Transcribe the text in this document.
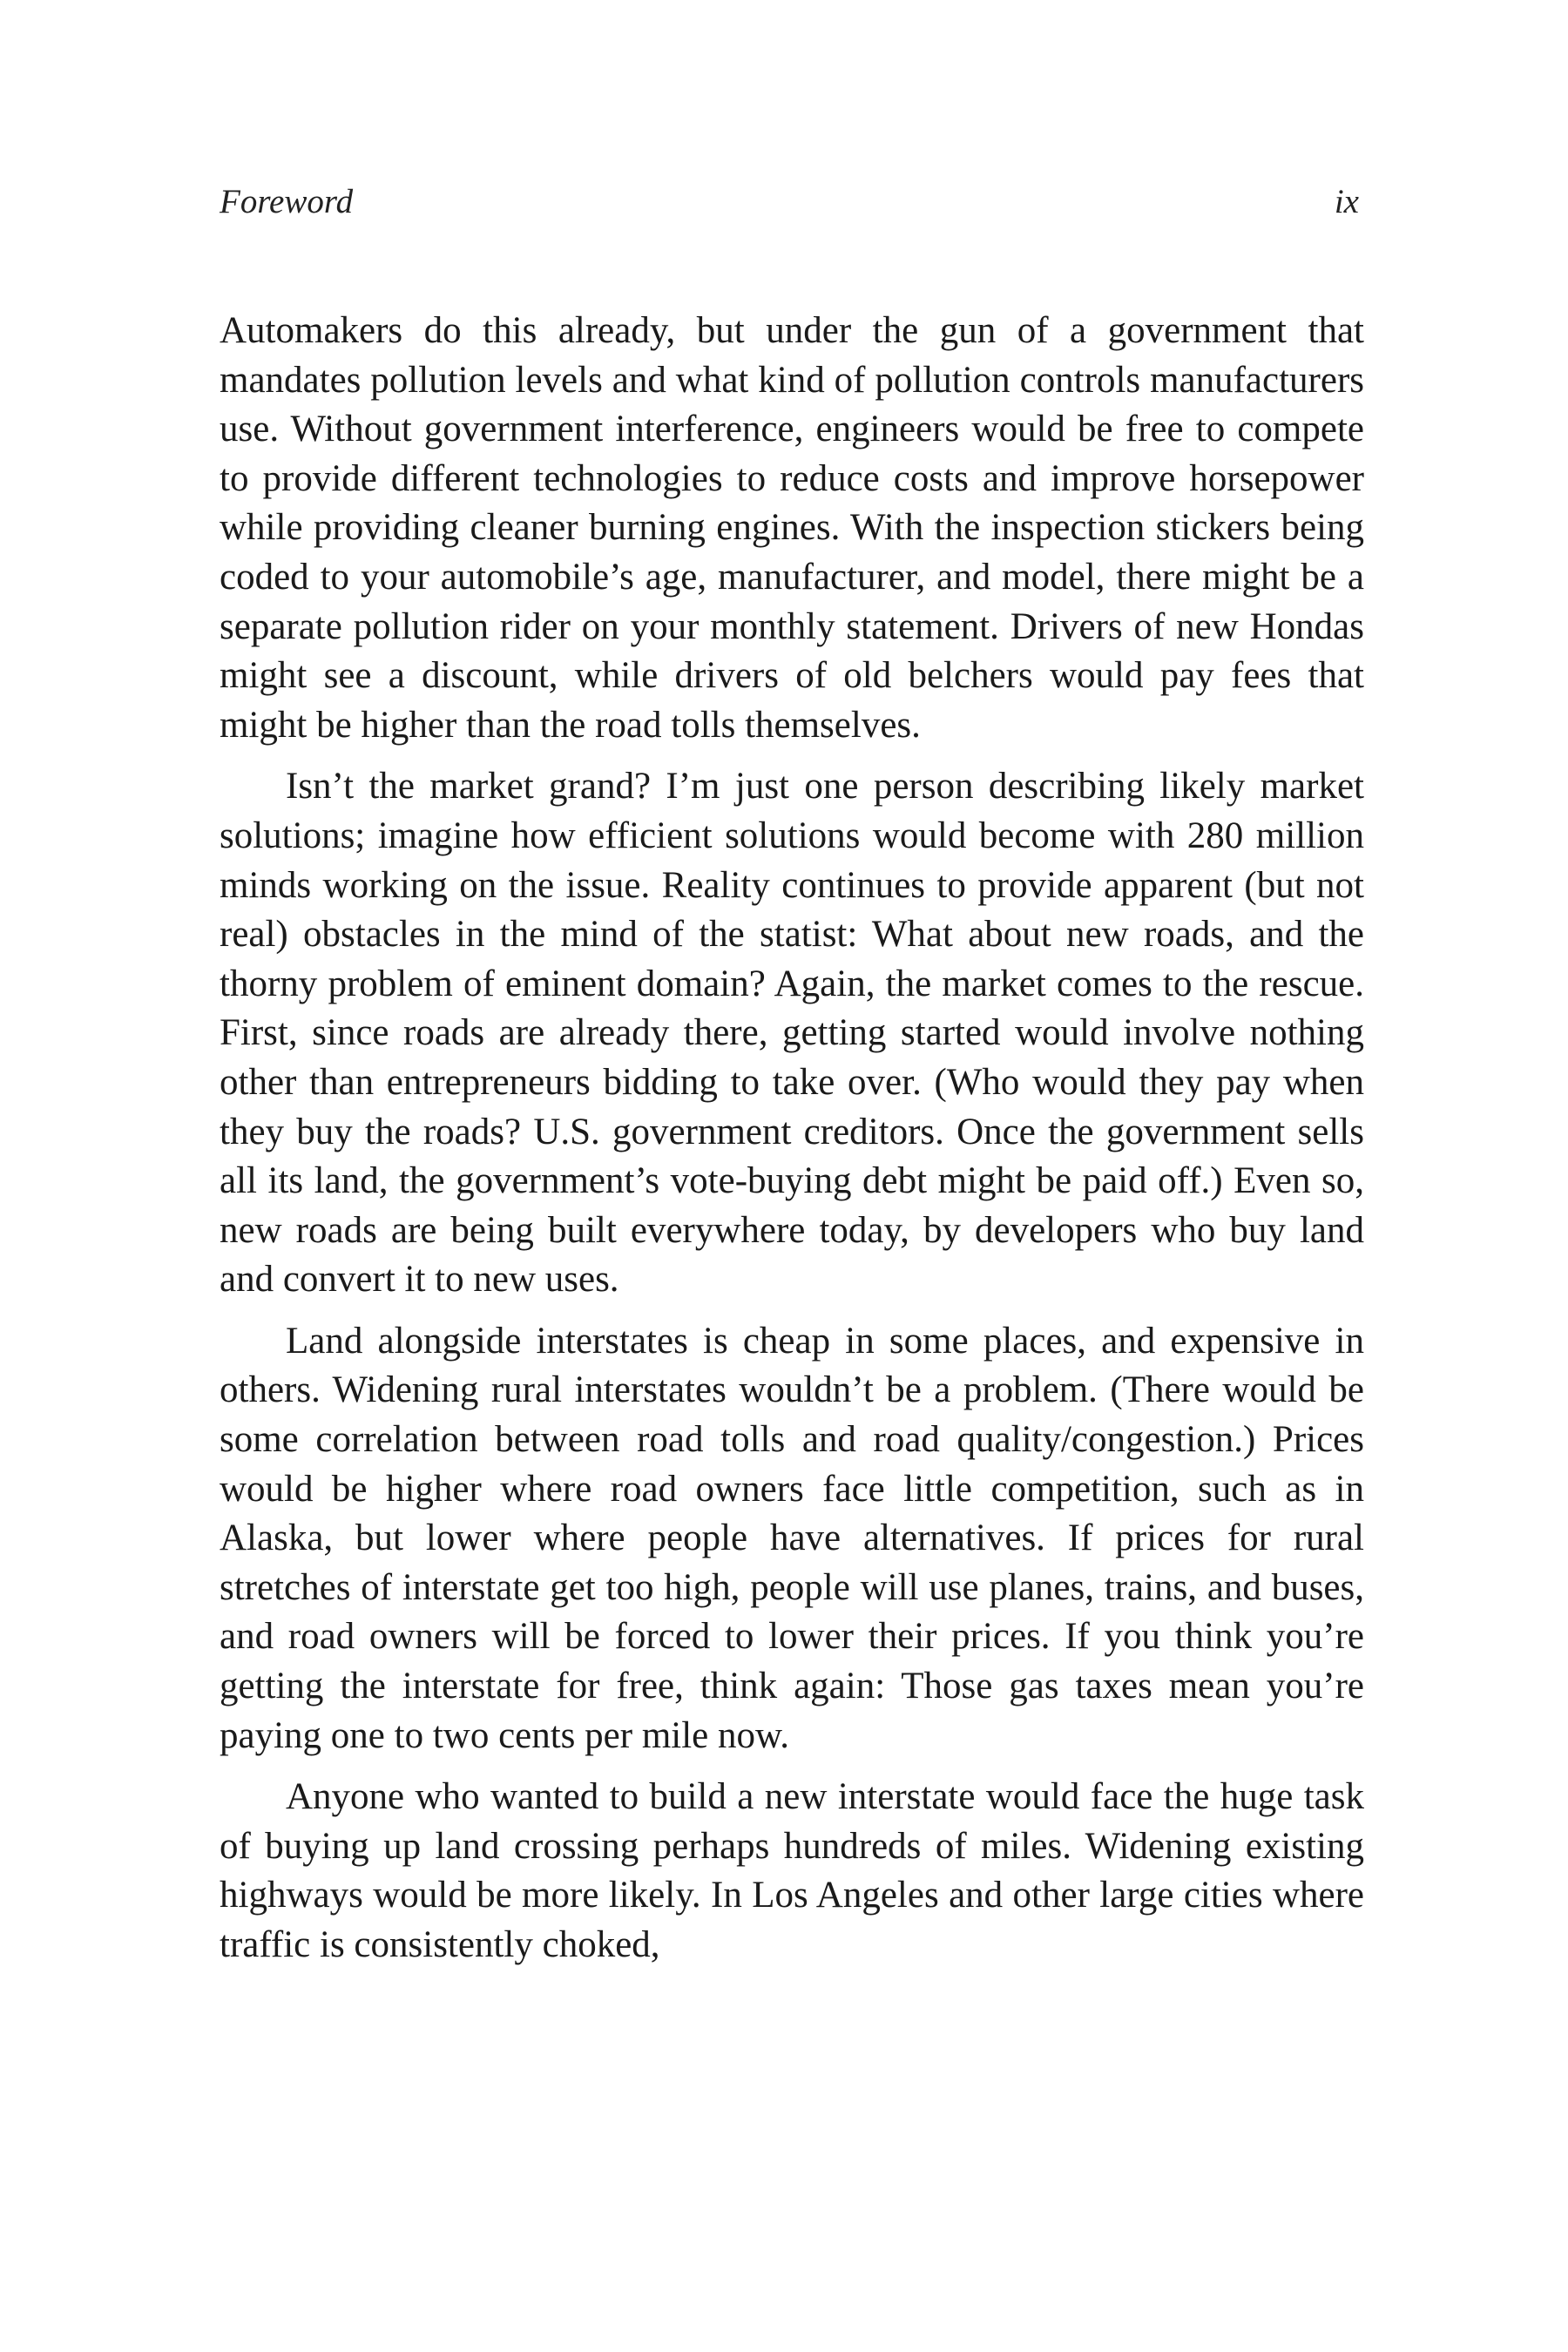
Foreword	ix

Automakers do this already, but under the gun of a government that mandates pollution levels and what kind of pollution controls manufacturers use. Without government interference, engineers would be free to compete to provide different technologies to reduce costs and improve horsepower while providing cleaner burning engines. With the inspection stickers being coded to your automobile’s age, manufacturer, and model, there might be a separate pollution rider on your monthly statement. Drivers of new Hondas might see a discount, while drivers of old belchers would pay fees that might be higher than the road tolls themselves.

Isn’t the market grand? I’m just one person describing likely market solutions; imagine how efficient solutions would become with 280 million minds working on the issue. Reality continues to provide apparent (but not real) obstacles in the mind of the statist: What about new roads, and the thorny problem of eminent domain? Again, the market comes to the rescue. First, since roads are already there, getting started would involve nothing other than entrepreneurs bidding to take over. (Who would they pay when they buy the roads? U.S. government creditors. Once the government sells all its land, the government’s vote-buying debt might be paid off.) Even so, new roads are being built everywhere today, by developers who buy land and convert it to new uses.

Land alongside interstates is cheap in some places, and expensive in others. Widening rural interstates wouldn’t be a problem. (There would be some correlation between road tolls and road quality/congestion.) Prices would be higher where road owners face little competition, such as in Alaska, but lower where people have alternatives. If prices for rural stretches of interstate get too high, people will use planes, trains, and buses, and road owners will be forced to lower their prices. If you think you’re getting the interstate for free, think again: Those gas taxes mean you’re paying one to two cents per mile now.

Anyone who wanted to build a new interstate would face the huge task of buying up land crossing perhaps hundreds of miles. Widening existing highways would be more likely. In Los Angeles and other large cities where traffic is consistently choked,
